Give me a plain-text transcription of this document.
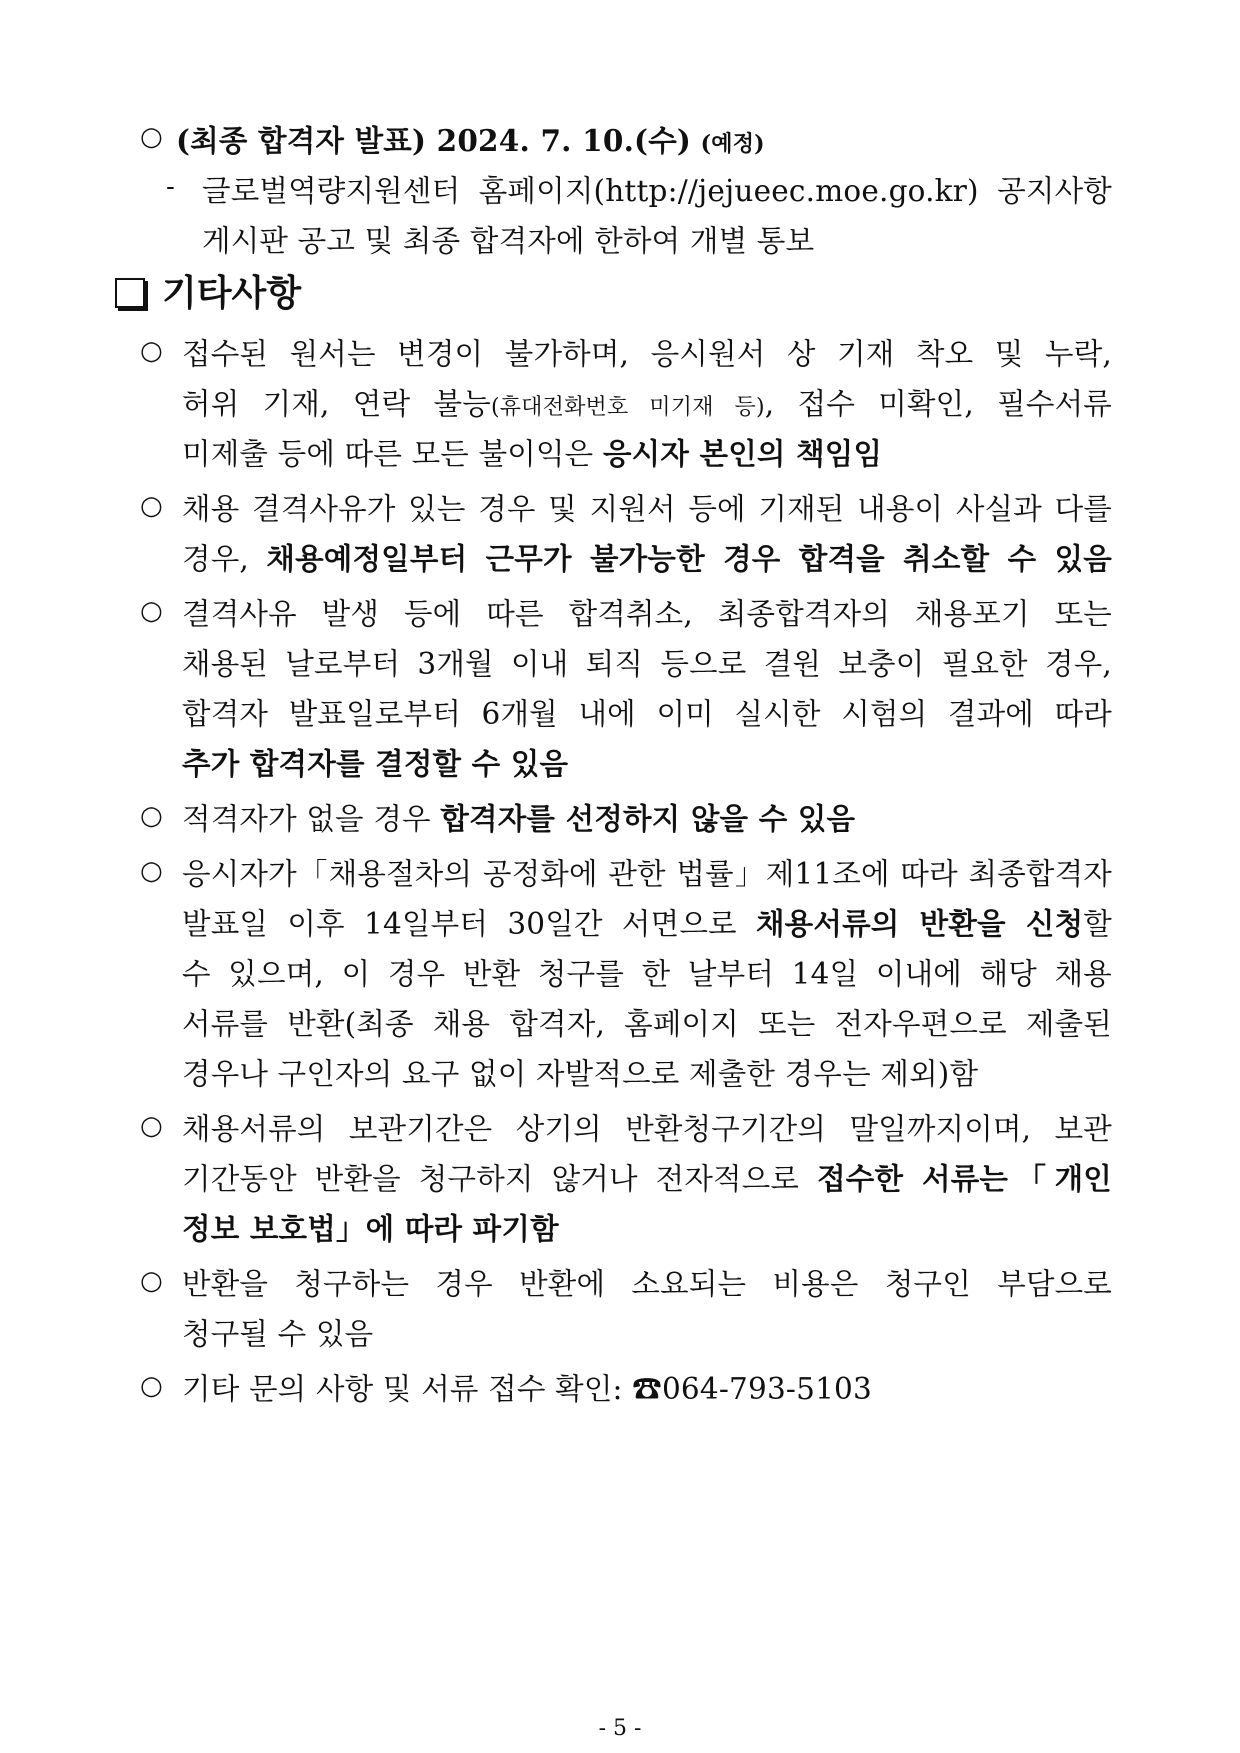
○ (최종 합격자 발표) 2024. 7. 10.(수) (예정)
- 글로벌역량지원센터 홈페이지(http://jejueec.moe.go.kr) 공지사항
게시판 공고 및 최종 합격자에 한하여 개별 통보
기타사항
○ 접수된 원서는 변경이 불가하며, 응시원서 상 기재 착오 및 누락,
허위 기재, 연락 불능(휴대전화번호 미기재 등), 접수 미확인, 필수서류
미제출 등에 따른 모든 불이익은 응시자 본인의 책임임
○ 채용 결격사유가 있는 경우 및 지원서 등에 기재된 내용이 사실과 다를
경우, 채용예정일부터 근무가 불가능한 경우 합격을 취소할 수 있음
○ 결격사유 발생 등에 따른 합격취소, 최종합격자의 채용포기 또는
채용된 날로부터 3개월 이내 퇴직 등으로 결원 보충이 필요한 경우,
합격자 발표일로부터 6개월 내에 이미 실시한 시험의 결과에 따라
추가 합격자를 결정할 수 있음
○ 적격자가 없을 경우 합격자를 선정하지 않을 수 있음
○ 응시자가「채용절차의 공정화에 관한 법률」제11조에 따라 최종합격자
발표일 이후 14일부터 30일간 서면으로 채용서류의 반환을 신청할
수 있으며, 이 경우 반환 청구를 한 날부터 14일 이내에 해당 채용
서류를 반환(최종 채용 합격자, 홈페이지 또는 전자우편으로 제출된
경우나 구인자의 요구 없이 자발적으로 제출한 경우는 제외)함
○ 채용서류의 보관기간은 상기의 반환청구기간의 말일까지이며, 보관
기간동안 반환을 청구하지 않거나 전자적으로 접수한 서류는「개인
정보 보호법」에 따라 파기함
○ 반환을 청구하는 경우 반환에 소요되는 비용은 청구인 부담으로
청구될 수 있음
○ 기타 문의 사항 및 서류 접수 확인: ☎064-793-5103
- 5 -
